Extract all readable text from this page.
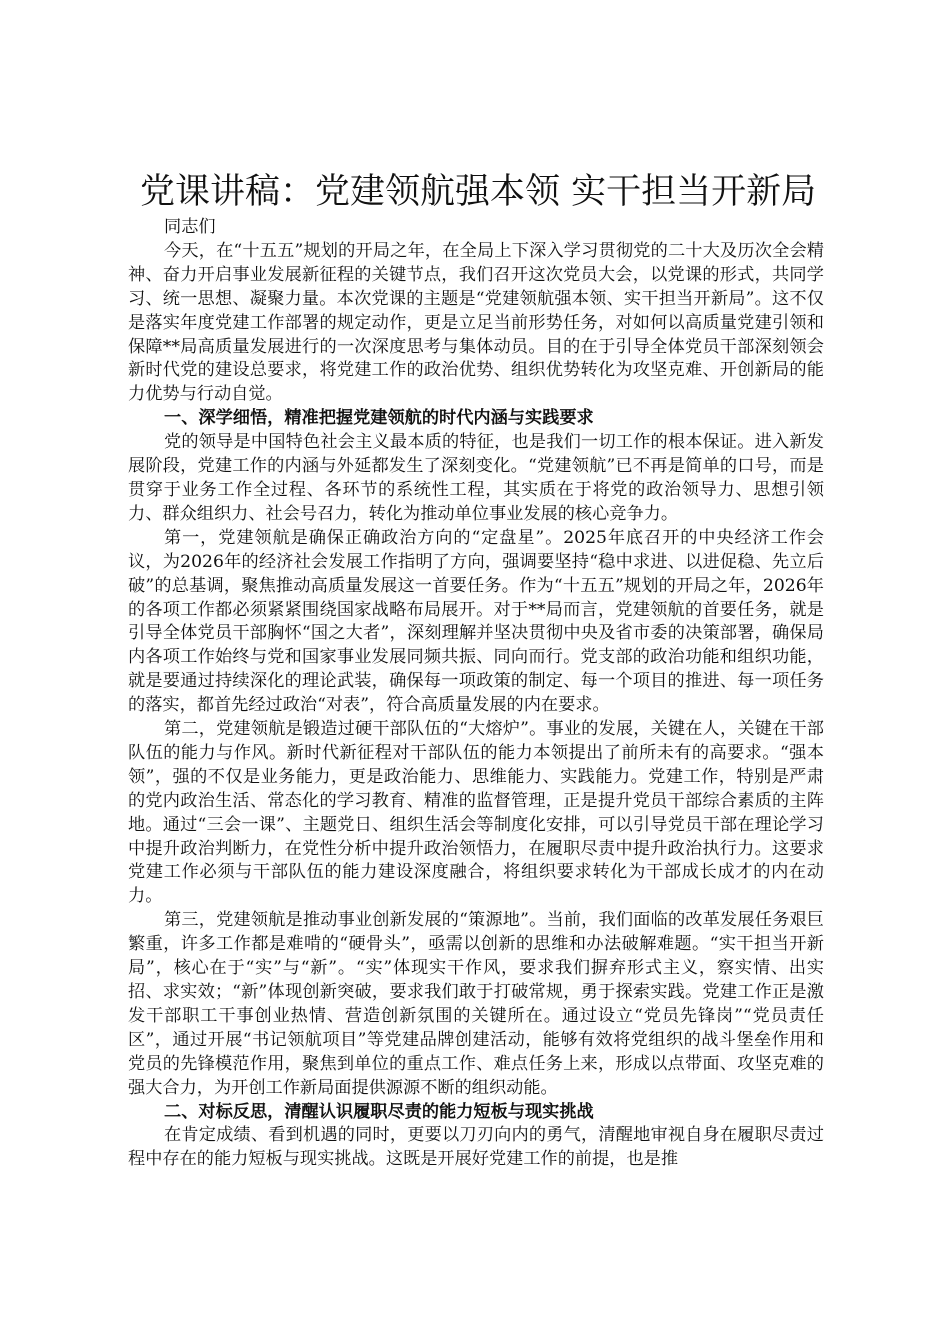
党课讲稿：党建领航强本领 实干担当开新局

同志们

今天，在“十五五”规划的开局之年，在全局上下深入学习贯彻党的二十大及历次全会精神、奋力开启事业发展新征程的关键节点，我们召开这次党员大会，以党课的形式，共同学习、统一思想、凝聚力量。本次党课的主题是“党建领航强本领、实干担当开新局”。这不仅是落实年度党建工作部署的规定动作，更是立足当前形势任务，对如何以高质量党建引领和保障**局高质量发展进行的一次深度思考与集体动员。目的在于引导全体党员干部深刻领会新时代党的建设总要求，将党建工作的政治优势、组织优势转化为攻坚克难、开创新局的能力优势与行动自觉。

一、深学细悟，精准把握党建领航的时代内涵与实践要求

党的领导是中国特色社会主义最本质的特征，也是我们一切工作的根本保证。进入新发展阶段，党建工作的内涵与外延都发生了深刻变化。“党建领航”已不再是简单的口号，而是贯穿于业务工作全过程、各环节的系统性工程，其实质在于将党的政治领导力、思想引领力、群众组织力、社会号召力，转化为推动单位事业发展的核心竞争力。

第一，党建领航是确保正确政治方向的“定盘星”。2025年底召开的中央经济工作会议，为2026年的经济社会发展工作指明了方向，强调要坚持“稳中求进、以进促稳、先立后破”的总基调，聚焦推动高质量发展这一首要任务。作为“十五五”规划的开局之年，2026年的各项工作都必须紧紧围绕国家战略布局展开。对于**局而言，党建领航的首要任务，就是引导全体党员干部胸怀“国之大者”，深刻理解并坚决贯彻中央及省市委的决策部署，确保局内各项工作始终与党和国家事业发展同频共振、同向而行。党支部的政治功能和组织功能，就是要通过持续深化的理论武装，确保每一项政策的制定、每一个项目的推进、每一项任务的落实，都首先经过政治“对表”，符合高质量发展的内在要求。

第二，党建领航是锻造过硬干部队伍的“大熔炉”。事业的发展，关键在人，关键在干部队伍的能力与作风。新时代新征程对干部队伍的能力本领提出了前所未有的高要求。“强本领”，强的不仅是业务能力，更是政治能力、思维能力、实践能力。党建工作，特别是严肃的党内政治生活、常态化的学习教育、精准的监督管理，正是提升党员干部综合素质的主阵地。通过“三会一课”、主题党日、组织生活会等制度化安排，可以引导党员干部在理论学习中提升政治判断力，在党性分析中提升政治领悟力，在履职尽责中提升政治执行力。这要求党建工作必须与干部队伍的能力建设深度融合，将组织要求转化为干部成长成才的内在动力。

第三，党建领航是推动事业创新发展的“策源地”。当前，我们面临的改革发展任务艰巨繁重，许多工作都是难啃的“硬骨头”，亟需以创新的思维和办法破解难题。“实干担当开新局”，核心在于“实”与“新”。“实”体现实干作风，要求我们摒弃形式主义，察实情、出实招、求实效；“新”体现创新突破，要求我们敢于打破常规，勇于探索实践。党建工作正是激发干部职工干事创业热情、营造创新氛围的关键所在。通过设立“党员先锋岗”“党员责任区”，通过开展“书记领航项目”等党建品牌创建活动，能够有效将党组织的战斗堡垒作用和党员的先锋模范作用，聚焦到单位的重点工作、难点任务上来，形成以点带面、攻坚克难的强大合力，为开创工作新局面提供源源不断的组织动能。

二、对标反思，清醒认识履职尽责的能力短板与现实挑战

在肯定成绩、看到机遇的同时，更要以刀刃向内的勇气，清醒地审视自身在履职尽责过程中存在的能力短板与现实挑战。这既是开展好党建工作的前提，也是推
